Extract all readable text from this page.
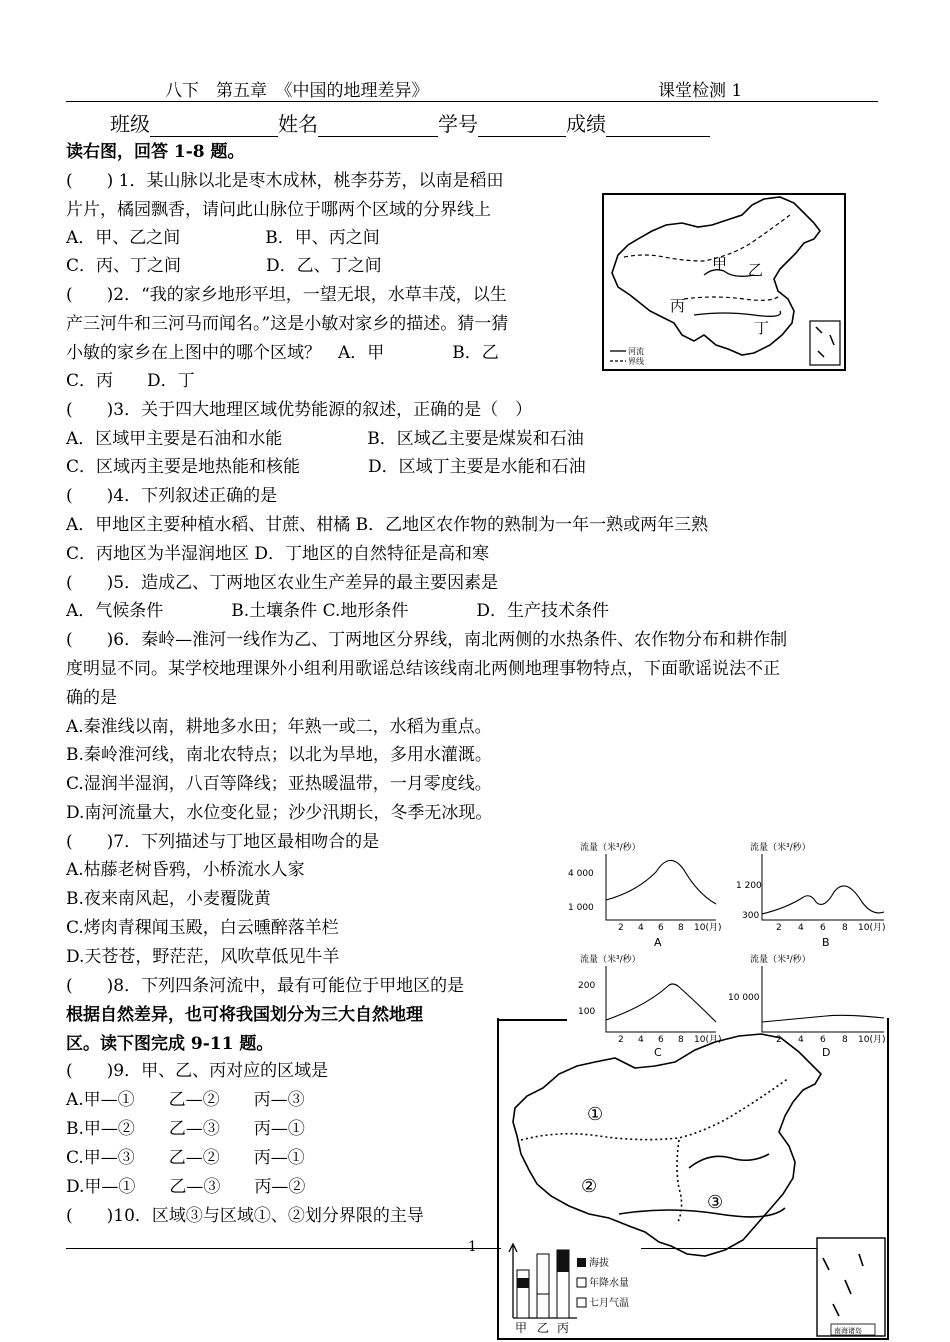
八下　第五章　《中国的地理差异》	课堂检测 1
班级	姓名	学号	成绩
读右图，回答 1-8 题。
(　　) 1．某山脉以北是枣木成林，桃李芬芳，以南是稻田
片片，橘园飘香，请问此山脉位于哪两个区域的分界线上
A．甲、乙之间　　　　　B．甲、丙之间
C．丙、丁之间　　　　　D．乙、丁之间
(　　)2．“我的家乡地形平坦，一望无垠，水草丰茂，以生
产三河牛和三河马而闻名。”这是小敏对家乡的描述。猜一猜
小敏的家乡在上图中的哪个区域？　A．甲　　　　B．乙
C．丙　　D．丁
(　　)3．关于四大地理区域优势能源的叙述，正确的是（　）
A．区域甲主要是石油和水能　　　　　B．区域乙主要是煤炭和石油
C．区域丙主要是地热能和核能　　　　D．区域丁主要是水能和石油
(　　)4．下列叙述正确的是
A．甲地区主要种植水稻、甘蔗、柑橘 B．乙地区农作物的熟制为一年一熟或两年三熟
C．丙地区为半湿润地区 D．丁地区的自然特征是高和寒
(　　)5．造成乙、丁两地区农业生产差异的最主要因素是
A．气候条件　　　　B.土壤条件 C.地形条件　　　　D．生产技术条件
(　　)6．秦岭—淮河一线作为乙、丁两地区分界线，南北两侧的水热条件、农作物分布和耕作制
度明显不同。某学校地理课外小组利用歌谣总结该线南北两侧地理事物特点，下面歌谣说法不正
确的是
A.秦淮线以南，耕地多水田；年熟一或二，水稻为重点。
B.秦岭淮河线，南北农特点；以北为旱地，多用水灌溉。
C.湿润半湿润，八百等降线；亚热暖温带，一月零度线。
D.南河流量大，水位变化显；沙少汛期长，冬季无冰现。
(　　)7．下列描述与丁地区最相吻合的是
A.枯藤老树昏鸦，小桥流水人家
B.夜来南风起，小麦覆陇黄
C.烤肉青稞闻玉殿，白云曛醉落羊栏
D.天苍苍，野茫茫，风吹草低见牛羊
(　　)8．下列四条河流中，最有可能位于甲地区的是
根据自然差异，也可将我国划分为三大自然地理
区。读下图完成 9-11 题。
(　　)9．甲、乙、丙对应的区域是
A.甲—①　　乙—②　　丙—③
B.甲—②　　乙—③　　丙—①
C.甲—③　　乙—②　　丙—①
D.甲—①　　乙—③　　丙—②
(　　)10．区域③与区域①、②划分界限的主导
1
河流
界线
甲 乙
丙
丁
流量（米³/秒）
4 000
1 000
2 4 6 8 10(月)
A
流量（米³/秒）
1 200
300
2 4 6 8 10(月)
B
流量（米³/秒）
200
100
2 4 6 8 10(月)
C
流量（米³/秒）
10 000
2 4 6 8 10(月)
D
①
②
③
南海诸岛
海拔
年降水量
七月气温
甲 乙 丙
